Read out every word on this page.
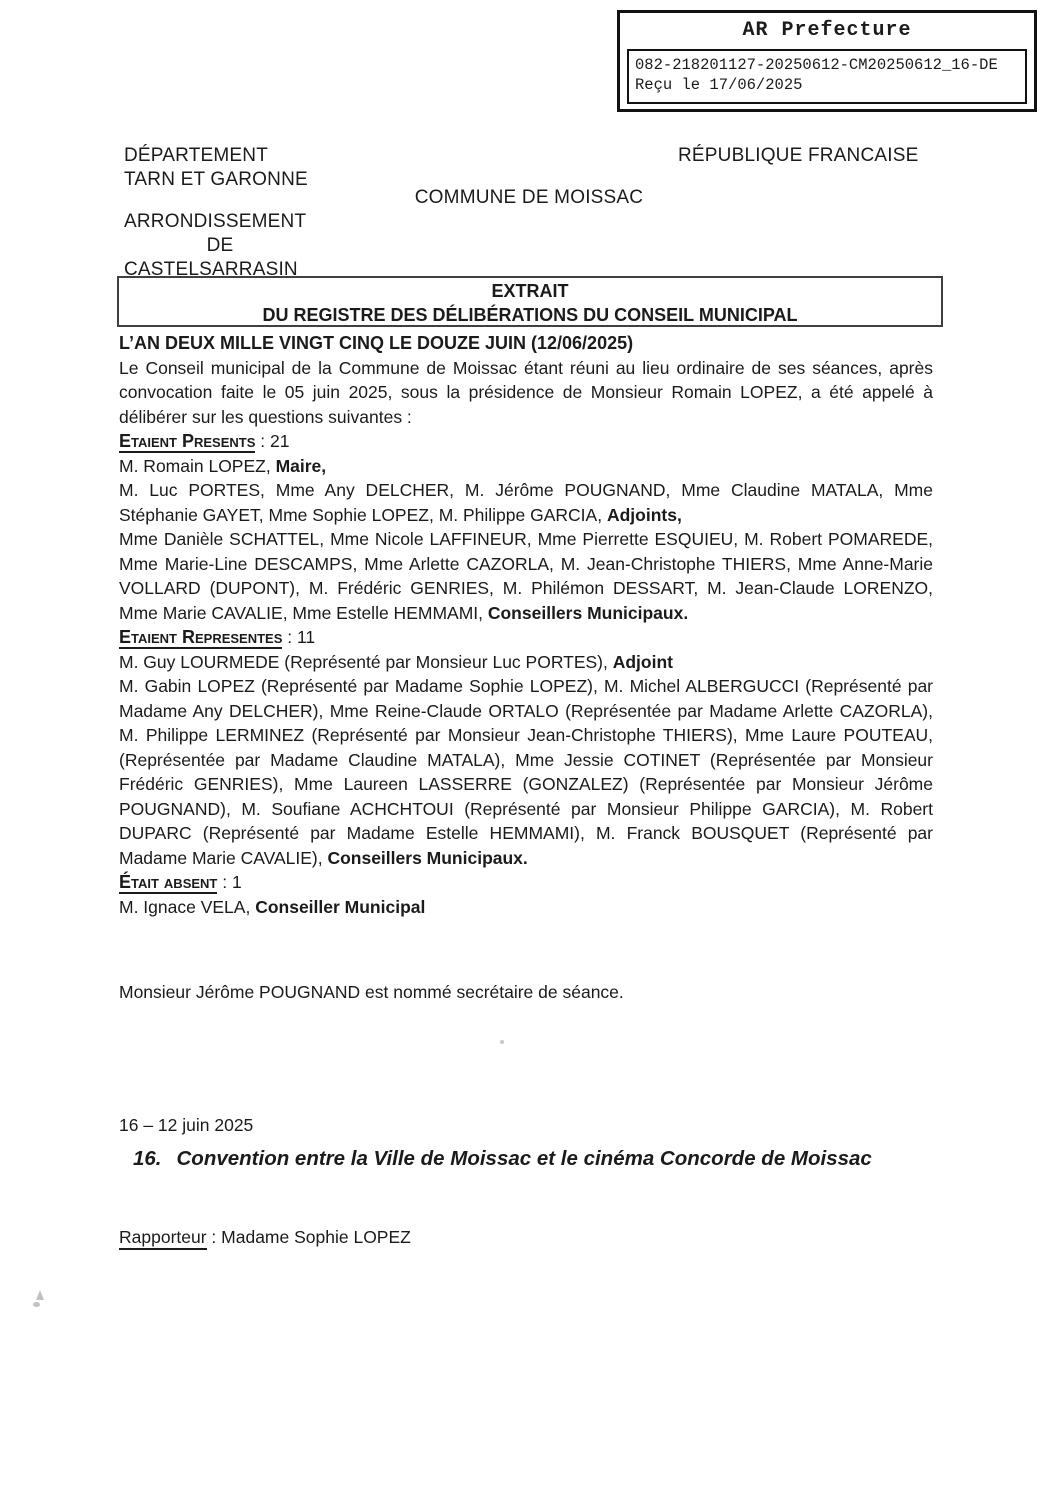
AR Prefecture
082-218201127-20250612-CM20250612_16-DE
Reçu le 17/06/2025
DÉPARTEMENT
TARN ET GARONNE
RÉPUBLIQUE FRANCAISE
COMMUNE DE MOISSAC
ARRONDISSEMENT
DE
CASTELSARRASIN
EXTRAIT
DU REGISTRE DES DÉLIBÉRATIONS DU CONSEIL MUNICIPAL

L’AN DEUX MILLE VINGT CINQ LE DOUZE JUIN (12/06/2025)

Le Conseil municipal de la Commune de Moissac étant réuni au lieu ordinaire de ses séances, après convocation faite le 05 juin 2025, sous la présidence de Monsieur Romain LOPEZ, a été appelé à délibérer sur les questions suivantes :

Etaient Presents : 21

M. Romain LOPEZ, Maire,

M. Luc PORTES, Mme Any DELCHER, M. Jérôme POUGNAND, Mme Claudine MATALA, Mme Stéphanie GAYET, Mme Sophie LOPEZ, M. Philippe GARCIA, Adjoints,

Mme Danièle SCHATTEL, Mme Nicole LAFFINEUR, Mme Pierrette ESQUIEU, M. Robert POMAREDE, Mme Marie-Line DESCAMPS, Mme Arlette CAZORLA, M. Jean-Christophe THIERS, Mme Anne-Marie VOLLARD (DUPONT), M. Frédéric GENRIES, M. Philémon DESSART, M. Jean-Claude LORENZO, Mme Marie CAVALIE, Mme Estelle HEMMAMI, Conseillers Municipaux.

Etaient Representes : 11

M. Guy LOURMEDE (Représenté par Monsieur Luc PORTES), Adjoint

M. Gabin LOPEZ (Représenté par Madame Sophie LOPEZ), M. Michel ALBERGUCCI (Représenté par Madame Any DELCHER), Mme Reine-Claude ORTALO (Représentée par Madame Arlette CAZORLA), M. Philippe LERMINEZ (Représenté par Monsieur Jean-Christophe THIERS), Mme Laure POUTEAU, (Représentée par Madame Claudine MATALA), Mme Jessie COTINET (Représentée par Monsieur Frédéric GENRIES), Mme Laureen LASSERRE (GONZALEZ) (Représentée par Monsieur Jérôme POUGNAND), M. Soufiane ACHCHTOUI (Représenté par Monsieur Philippe GARCIA), M. Robert DUPARC (Représenté par Madame Estelle HEMMAMI), M. Franck BOUSQUET (Représenté par Madame Marie CAVALIE), Conseillers Municipaux.

Était absent : 1

M. Ignace VELA, Conseiller Municipal

Monsieur Jérôme POUGNAND est nommé secrétaire de séance.

16 – 12 juin 2025

16. Convention entre la Ville de Moissac et le cinéma Concorde de Moissac

Rapporteur : Madame Sophie LOPEZ
